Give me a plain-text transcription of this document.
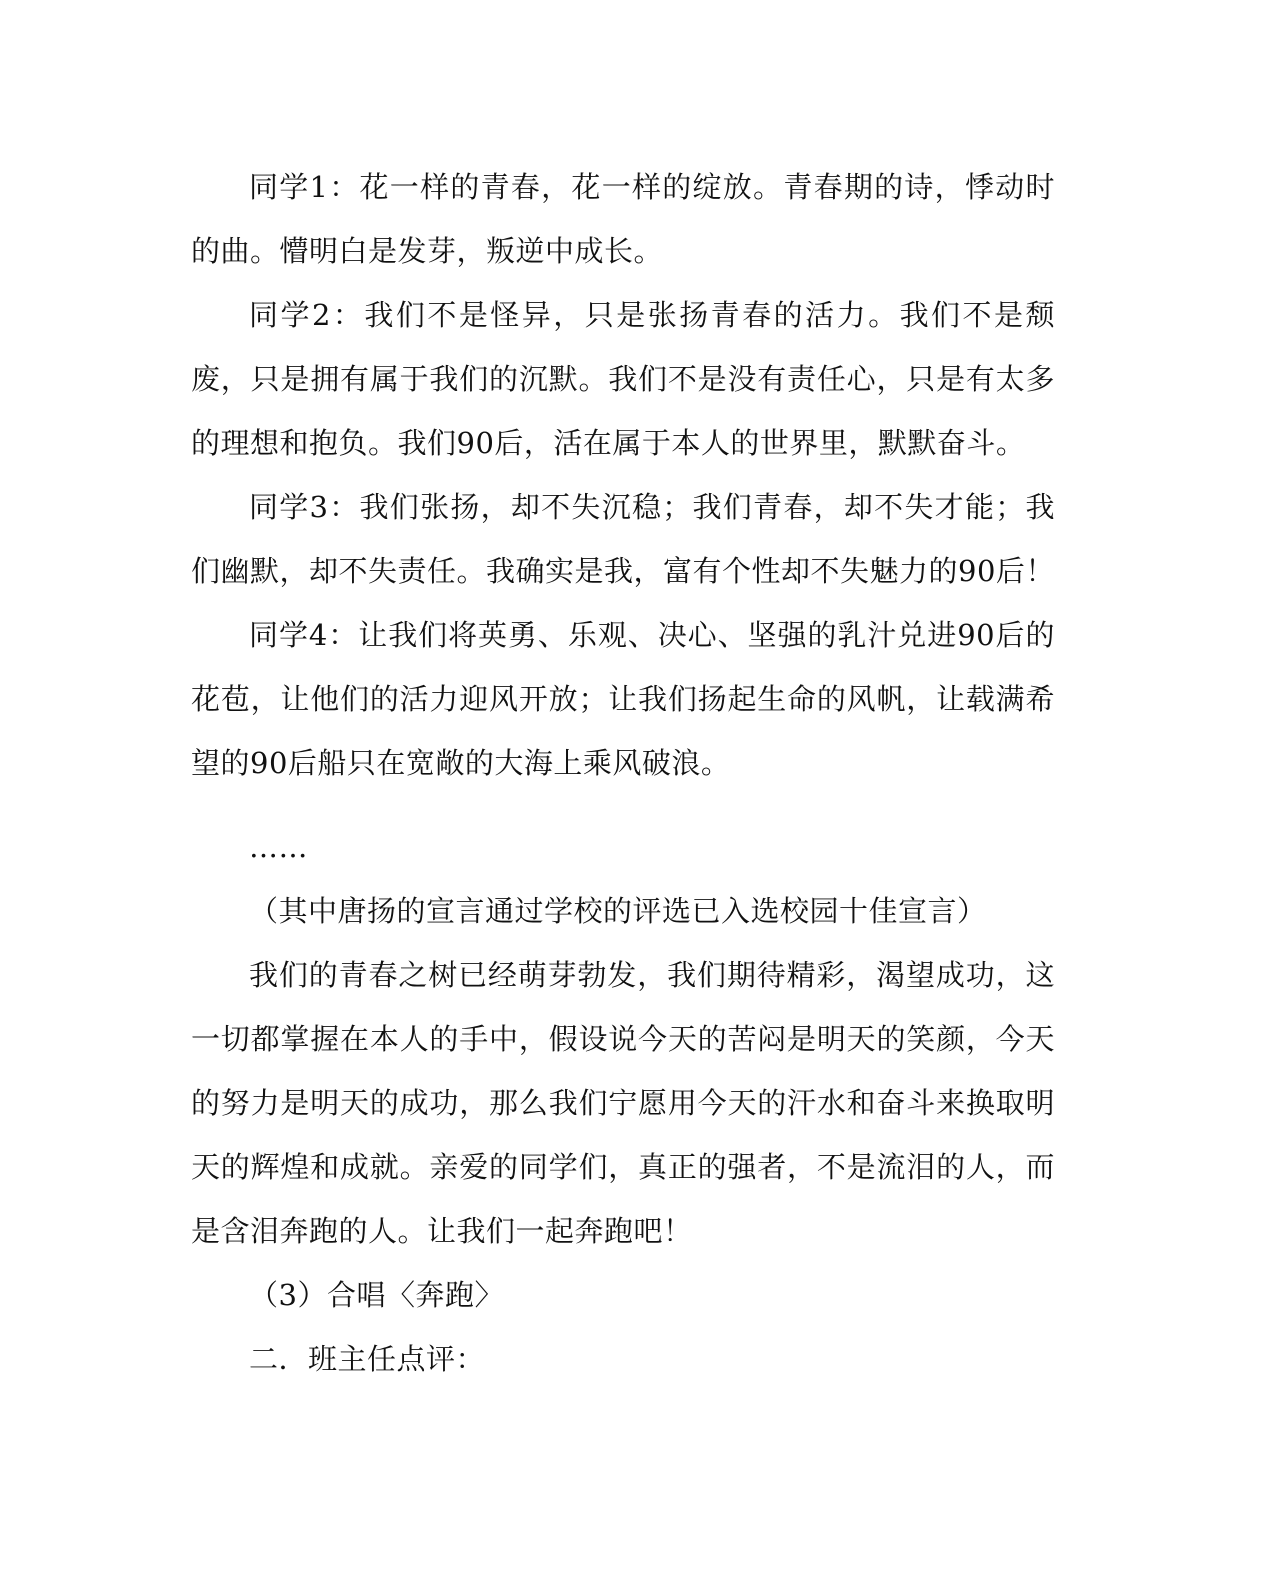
同学1：花一样的青春，花一样的绽放。青春期的诗，悸动时的曲。懵明白是发芽，叛逆中成长。

同学2：我们不是怪异，只是张扬青春的活力。我们不是颓废，只是拥有属于我们的沉默。我们不是没有责任心，只是有太多的理想和抱负。我们90后，活在属于本人的世界里，默默奋斗。

同学3：我们张扬，却不失沉稳；我们青春，却不失才能；我们幽默，却不失责任。我确实是我，富有个性却不失魅力的90后！

同学4：让我们将英勇、乐观、决心、坚强的乳汁兑进90后的花苞，让他们的活力迎风开放；让我们扬起生命的风帆，让载满希望的90后船只在宽敞的大海上乘风破浪。

……

（其中唐扬的宣言通过学校的评选已入选校园十佳宣言）

我们的青春之树已经萌芽勃发，我们期待精彩，渴望成功，这一切都掌握在本人的手中，假设说今天的苦闷是明天的笑颜，今天的努力是明天的成功，那么我们宁愿用今天的汗水和奋斗来换取明天的辉煌和成就。亲爱的同学们，真正的强者，不是流泪的人，而是含泪奔跑的人。让我们一起奔跑吧！

（3）合唱〈奔跑〉

二．班主任点评：
